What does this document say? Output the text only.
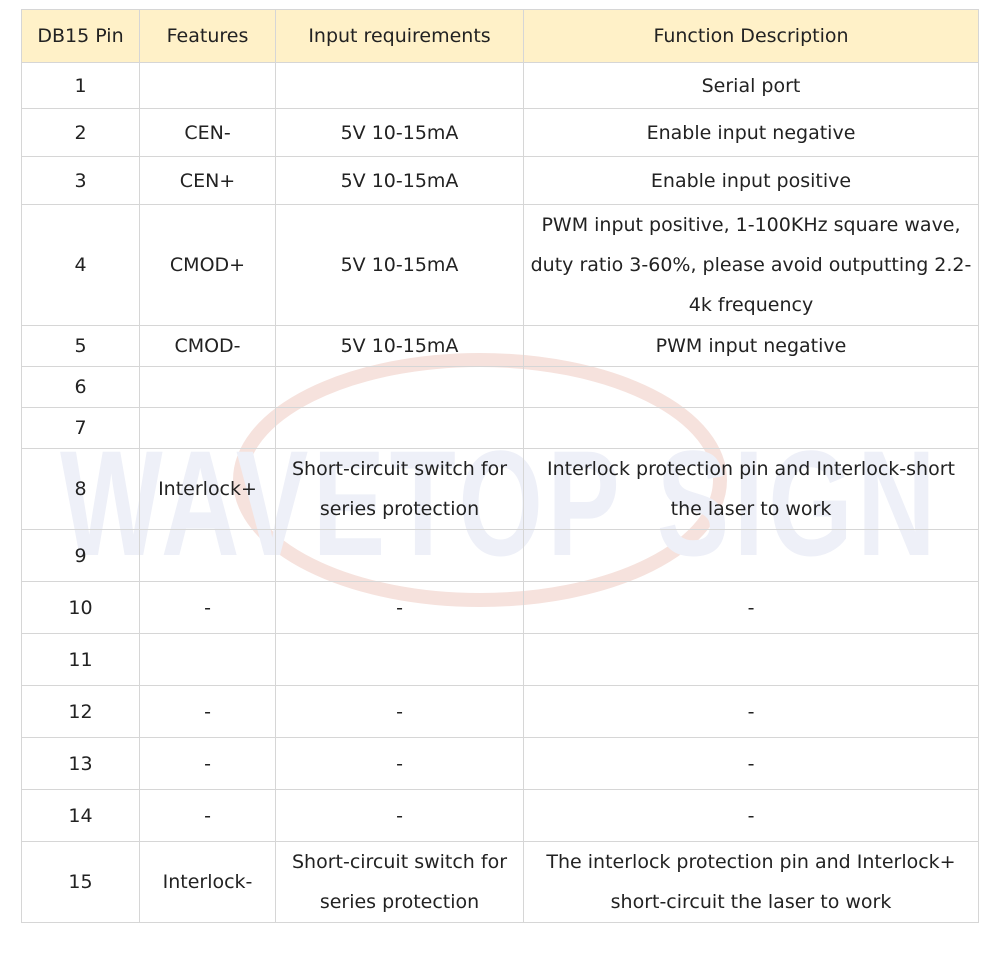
WAVETOP SIGN
DB15 Pin	Features	Input requirements	Function Description
1			Serial port
2	CEN-	5V 10-15mA	Enable input negative
3	CEN+	5V 10-15mA	Enable input positive
4	CMOD+	5V 10-15mA	PWM input positive, 1-100KHz square wave, duty ratio 3-60%, please avoid outputting 2.2-4k frequency
5	CMOD-	5V 10-15mA	PWM input negative
6			
7			
8	Interlock+	Short-circuit switch for series protection	Interlock protection pin and Interlock-short the laser to work
9			
10	-	-	-
11			
12	-	-	-
13	-	-	-
14	-	-	-
15	Interlock-	Short-circuit switch for series protection	The interlock protection pin and Interlock+ short-circuit the laser to work
